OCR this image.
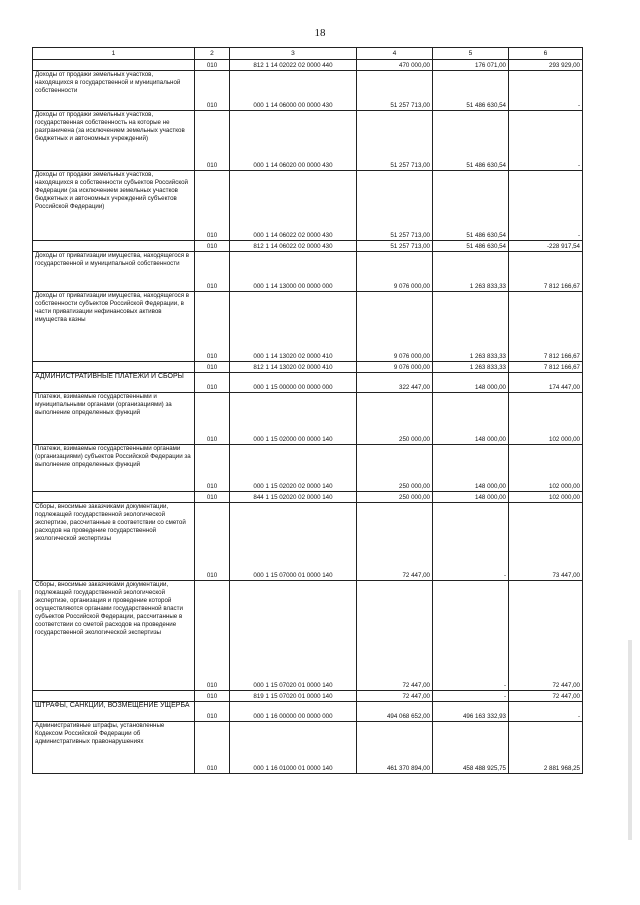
18
1	2	3	4	5	6
	010	812 1 14 02022 02 0000 440	470 000,00	176 071,00	293 929,00
Доходы от продажи земельных участков, находящихся в государственной и муниципальной собственности	010	000 1 14 06000 00 0000 430	51 257 713,00	51 486 630,54	-
Доходы от продажи земельных участков, государственная собственность на которые не разграничена (за исключением земельных участков бюджетных и автономных учреждений)	010	000 1 14 06020 00 0000 430	51 257 713,00	51 486 630,54	-
Доходы от продажи земельных участков, находящихся в собственности субъектов Российской Федерации (за исключением земельных участков бюджетных и автономных учреждений субъектов Российской Федерации)	010	000 1 14 06022 02 0000 430	51 257 713,00	51 486 630,54	-
	010	812 1 14 06022 02 0000 430	51 257 713,00	51 486 630,54	-228 917,54
Доходы от приватизации имущества, находящегося в государственной и муниципальной собственности	010	000 1 14 13000 00 0000 000	9 076 000,00	1 263 833,33	7 812 166,67
Доходы от приватизации имущества, находящегося в собственности субъектов Российской Федерации, в части приватизации нефинансовых активов имущества казны	010	000 1 14 13020 02 0000 410	9 076 000,00	1 263 833,33	7 812 166,67
	010	812 1 14 13020 02 0000 410	9 076 000,00	1 263 833,33	7 812 166,67
АДМИНИСТРАТИВНЫЕ ПЛАТЕЖИ И СБОРЫ	010	000 1 15 00000 00 0000 000	322 447,00	148 000,00	174 447,00
Платежи, взимаемые государственными и муниципальными органами (организациями) за выполнение определенных функций	010	000 1 15 02000 00 0000 140	250 000,00	148 000,00	102 000,00
Платежи, взимаемые государственными органами (организациями) субъектов Российской Федерации за выполнение определенных функций	010	000 1 15 02020 02 0000 140	250 000,00	148 000,00	102 000,00
	010	844 1 15 02020 02 0000 140	250 000,00	148 000,00	102 000,00
Сборы, вносимые заказчиками документации, подлежащей государственной экологической экспертизе, рассчитанные в соответствии со сметой расходов на проведение государственной экологической экспертизы	010	000 1 15 07000 01 0000 140	72 447,00	-	73 447,00
Сборы, вносимые заказчиками документации, подлежащей государственной экологической экспертизе, организация и проведение которой осуществляются органами государственной власти субъектов Российской Федерации, рассчитанные в соответствии со сметой расходов на проведение государственной экологической экспертизы	010	000 1 15 07020 01 0000 140	72 447,00	-	72 447,00
	010	819 1 15 07020 01 0000 140	72 447,00	-	72 447,00
ШТРАФЫ, САНКЦИИ, ВОЗМЕЩЕНИЕ УЩЕРБА	010	000 1 16 00000 00 0000 000	494 068 652,00	496 163 332,93	-
Административные штрафы, установленные Кодексом Российской Федерации об административных правонарушениях	010	000 1 16 01000 01 0000 140	461 370 894,00	458 488 925,75	2 881 968,25
